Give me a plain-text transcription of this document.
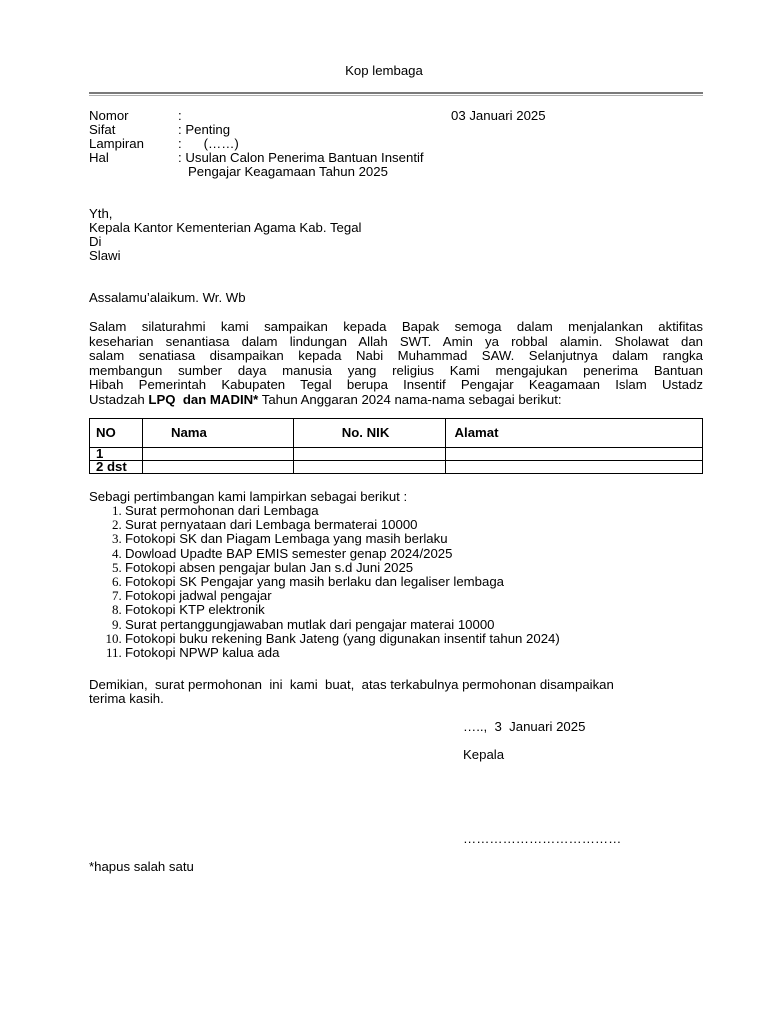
Kop lembaga
Nomor	:	03 Januari 2025
Sifat	: Penting
Lampiran	:      (……)
Hal	: Usulan Calon Penerima Bantuan Insentif
Pengajar Keagamaan Tahun 2025
Yth,
Kepala Kantor Kementerian Agama Kab. Tegal
Di
Slawi
Assalamu’alaikum. Wr. Wb
Salam silaturahmi kami sampaikan kepada Bapak semoga dalam menjalankan aktifitas
keseharian senantiasa dalam lindungan Allah SWT. Amin ya robbal alamin. Sholawat dan
salam senatiasa disampaikan kepada Nabi Muhammad SAW. Selanjutnya dalam rangka
membangun sumber daya manusia yang religius Kami mengajukan penerima Bantuan
Hibah Pemerintah Kabupaten Tegal berupa Insentif Pengajar Keagamaan Islam Ustadz
Ustadzah LPQ  dan MADIN* Tahun Anggaran 2024 nama-nama sebagai berikut:
NO	Nama	No. NIK	Alamat
1			
2 dst			
Sebagi pertimbangan kami lampirkan sebagai berikut :
1. Surat permohonan dari Lembaga
2. Surat pernyataan dari Lembaga bermaterai 10000
3. Fotokopi SK dan Piagam Lembaga yang masih berlaku
4. Dowload Upadte BAP EMIS semester genap 2024/2025
5. Fotokopi absen pengajar bulan Jan s.d Juni 2025
6. Fotokopi SK Pengajar yang masih berlaku dan legaliser lembaga
7. Fotokopi jadwal pengajar
8. Fotokopi KTP elektronik
9. Surat pertanggungjawaban mutlak dari pengajar materai 10000
10. Fotokopi buku rekening Bank Jateng (yang digunakan insentif tahun 2024)
11. Fotokopi NPWP kalua ada
Demikian,  surat permohonan  ini  kami  buat,  atas terkabulnya permohonan disampaikan
terima kasih.
…..,  3  Januari 2025
Kepala
………………………………
*hapus salah satu
